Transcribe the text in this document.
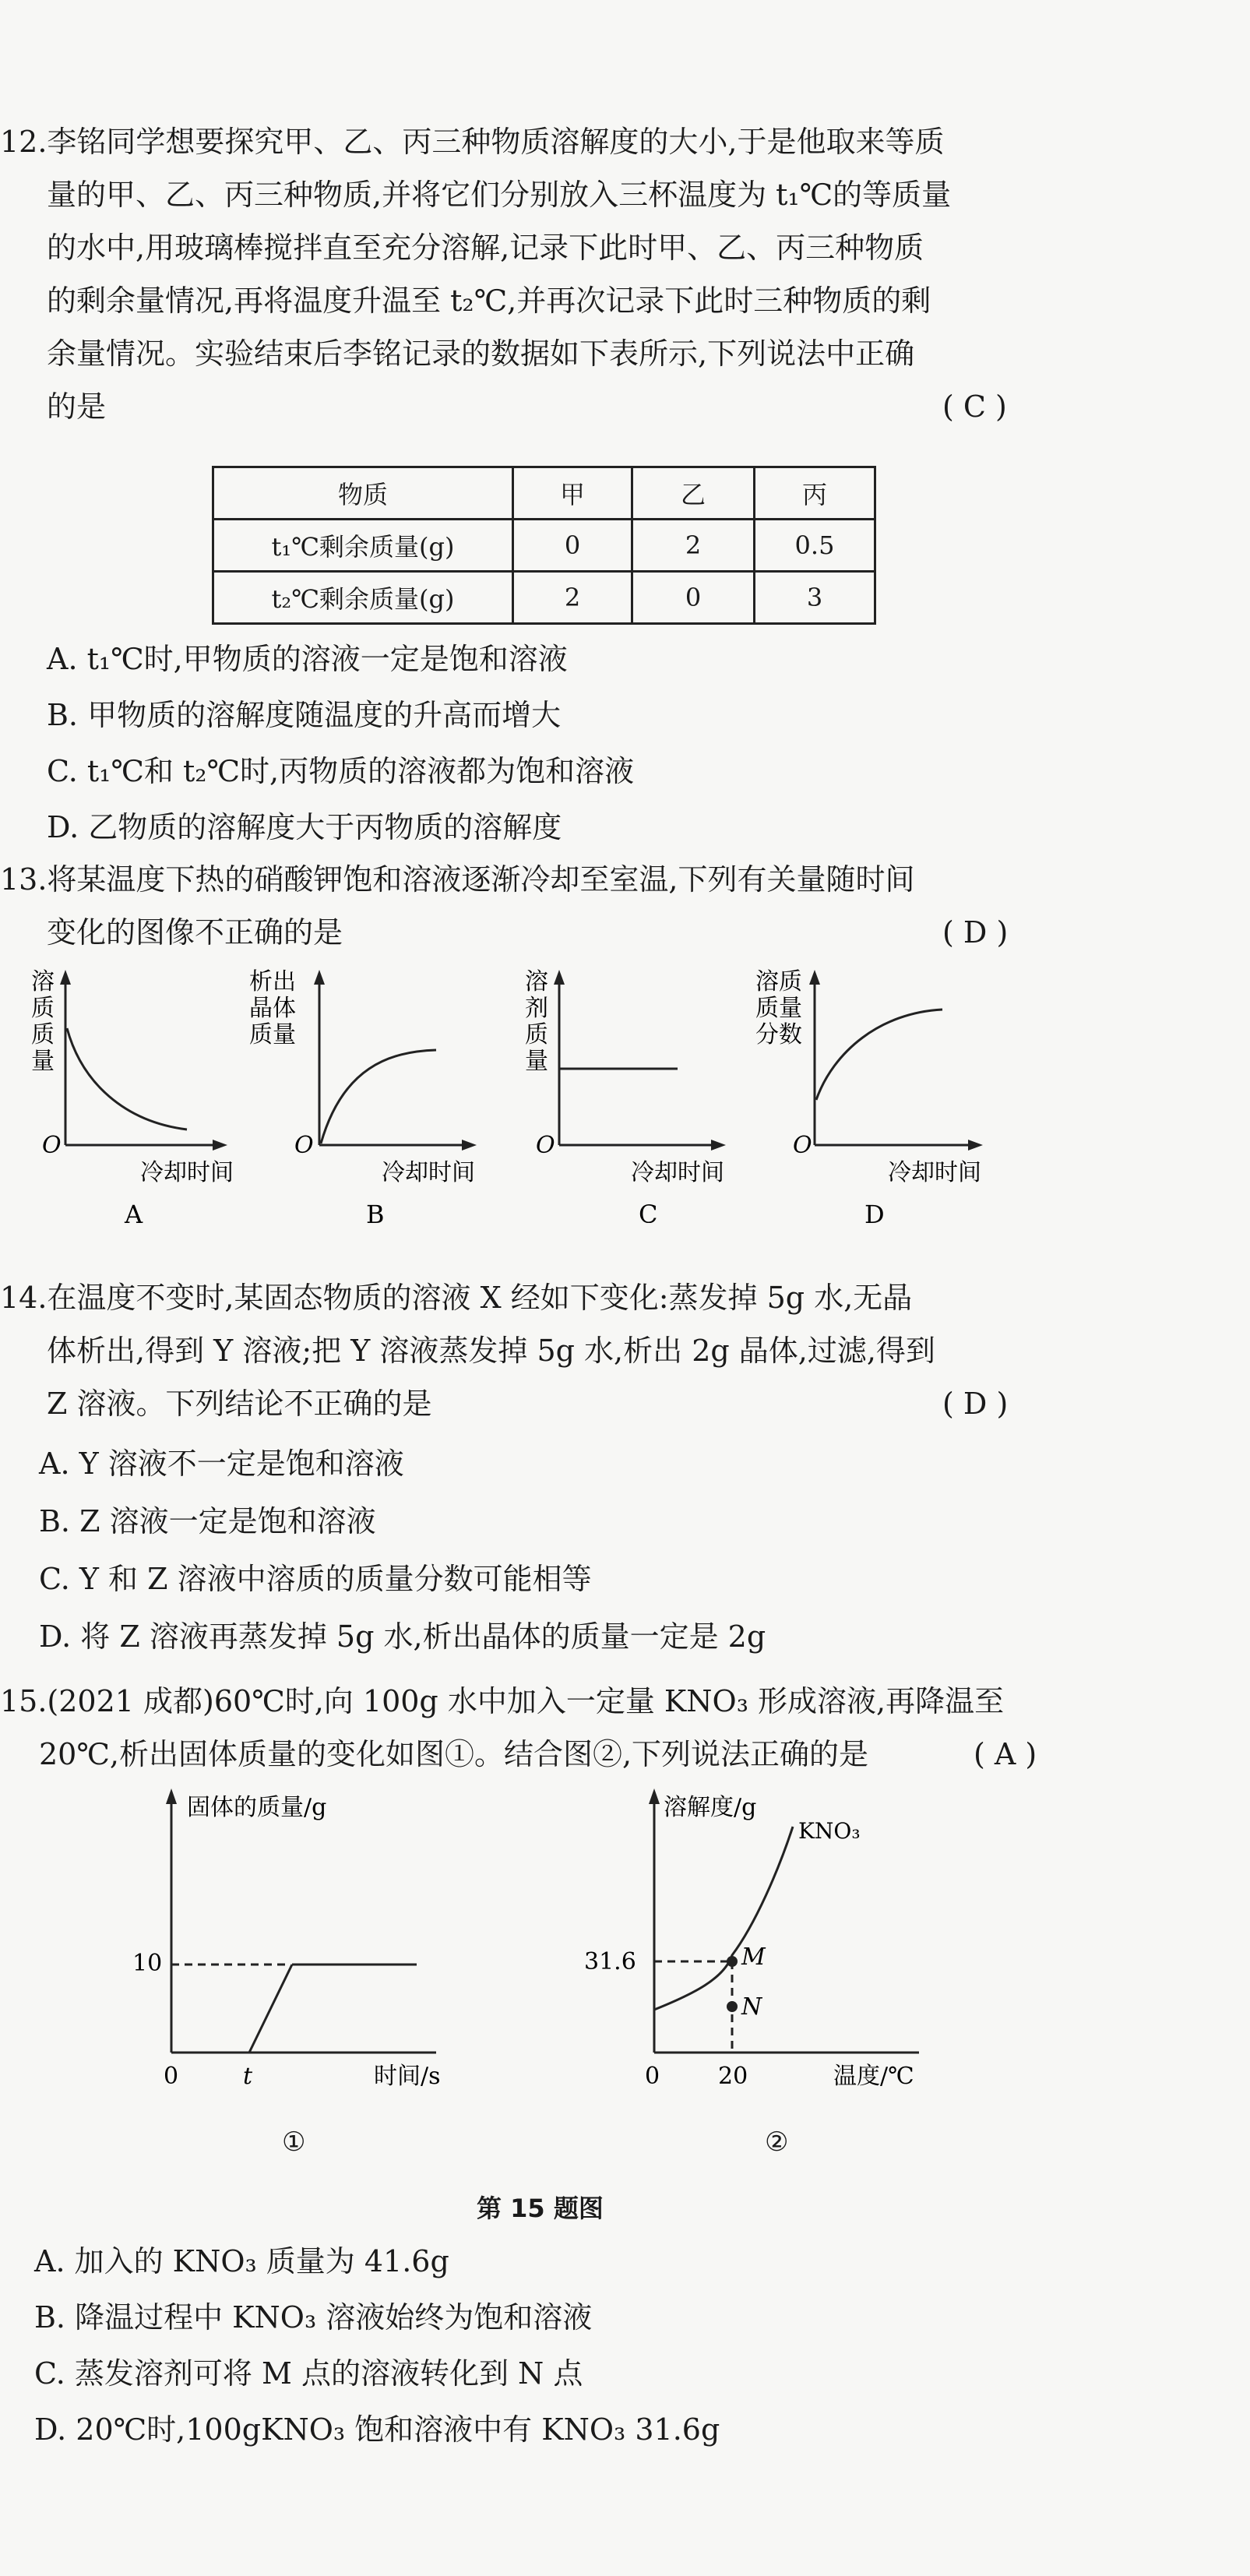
12.李铭同学想要探究甲、乙、丙三种物质溶解度的大小,于是他取来等质
量的甲、乙、丙三种物质,并将它们分别放入三杯温度为 t₁℃的等质量
的水中,用玻璃棒搅拌直至充分溶解,记录下此时甲、乙、丙三种物质
的剩余量情况,再将温度升温至 t₂℃,并再次记录下此时三种物质的剩
余量情况。实验结束后李铭记录的数据如下表所示,下列说法中正确
的是	( C )
物质	甲	乙	丙
t₁℃剩余质量(g)	0	2	0.5
t₂℃剩余质量(g)	2	0	3
A. t₁℃时,甲物质的溶液一定是饱和溶液
B. 甲物质的溶解度随温度的升高而增大
C. t₁℃和 t₂℃时,丙物质的溶液都为饱和溶液
D. 乙物质的溶解度大于丙物质的溶解度
13.将某温度下热的硝酸钾饱和溶液逐渐冷却至室温,下列有关量随时间
变化的图像不正确的是	( D )
溶
质
质
量
O
冷却时间
A
析出
晶体
质量
O
冷却时间
B
溶
剂
质
量
O
冷却时间
C
溶质
质量
分数
O
冷却时间
D
14.在温度不变时,某固态物质的溶液 X 经如下变化:蒸发掉 5g 水,无晶
体析出,得到 Y 溶液;把 Y 溶液蒸发掉 5g 水,析出 2g 晶体,过滤,得到
Z 溶液。下列结论不正确的是	( D )
A. Y 溶液不一定是饱和溶液
B. Z 溶液一定是饱和溶液
C. Y 和 Z 溶液中溶质的质量分数可能相等
D. 将 Z 溶液再蒸发掉 5g 水,析出晶体的质量一定是 2g
15.(2021 成都)60℃时,向 100g 水中加入一定量 KNO₃ 形成溶液,再降温至
20℃,析出固体质量的变化如图①。结合图②,下列说法正确的是	( A )
固体的质量/g
10
0	t	时间/s
①
溶解度/g
KNO₃
M
N
31.6
0 20	温度/℃
②
第 15 题图
A. 加入的 KNO₃ 质量为 41.6g
B. 降温过程中 KNO₃ 溶液始终为饱和溶液
C. 蒸发溶剂可将 M 点的溶液转化到 N 点
D. 20℃时,100gKNO₃ 饱和溶液中有 KNO₃ 31.6g
